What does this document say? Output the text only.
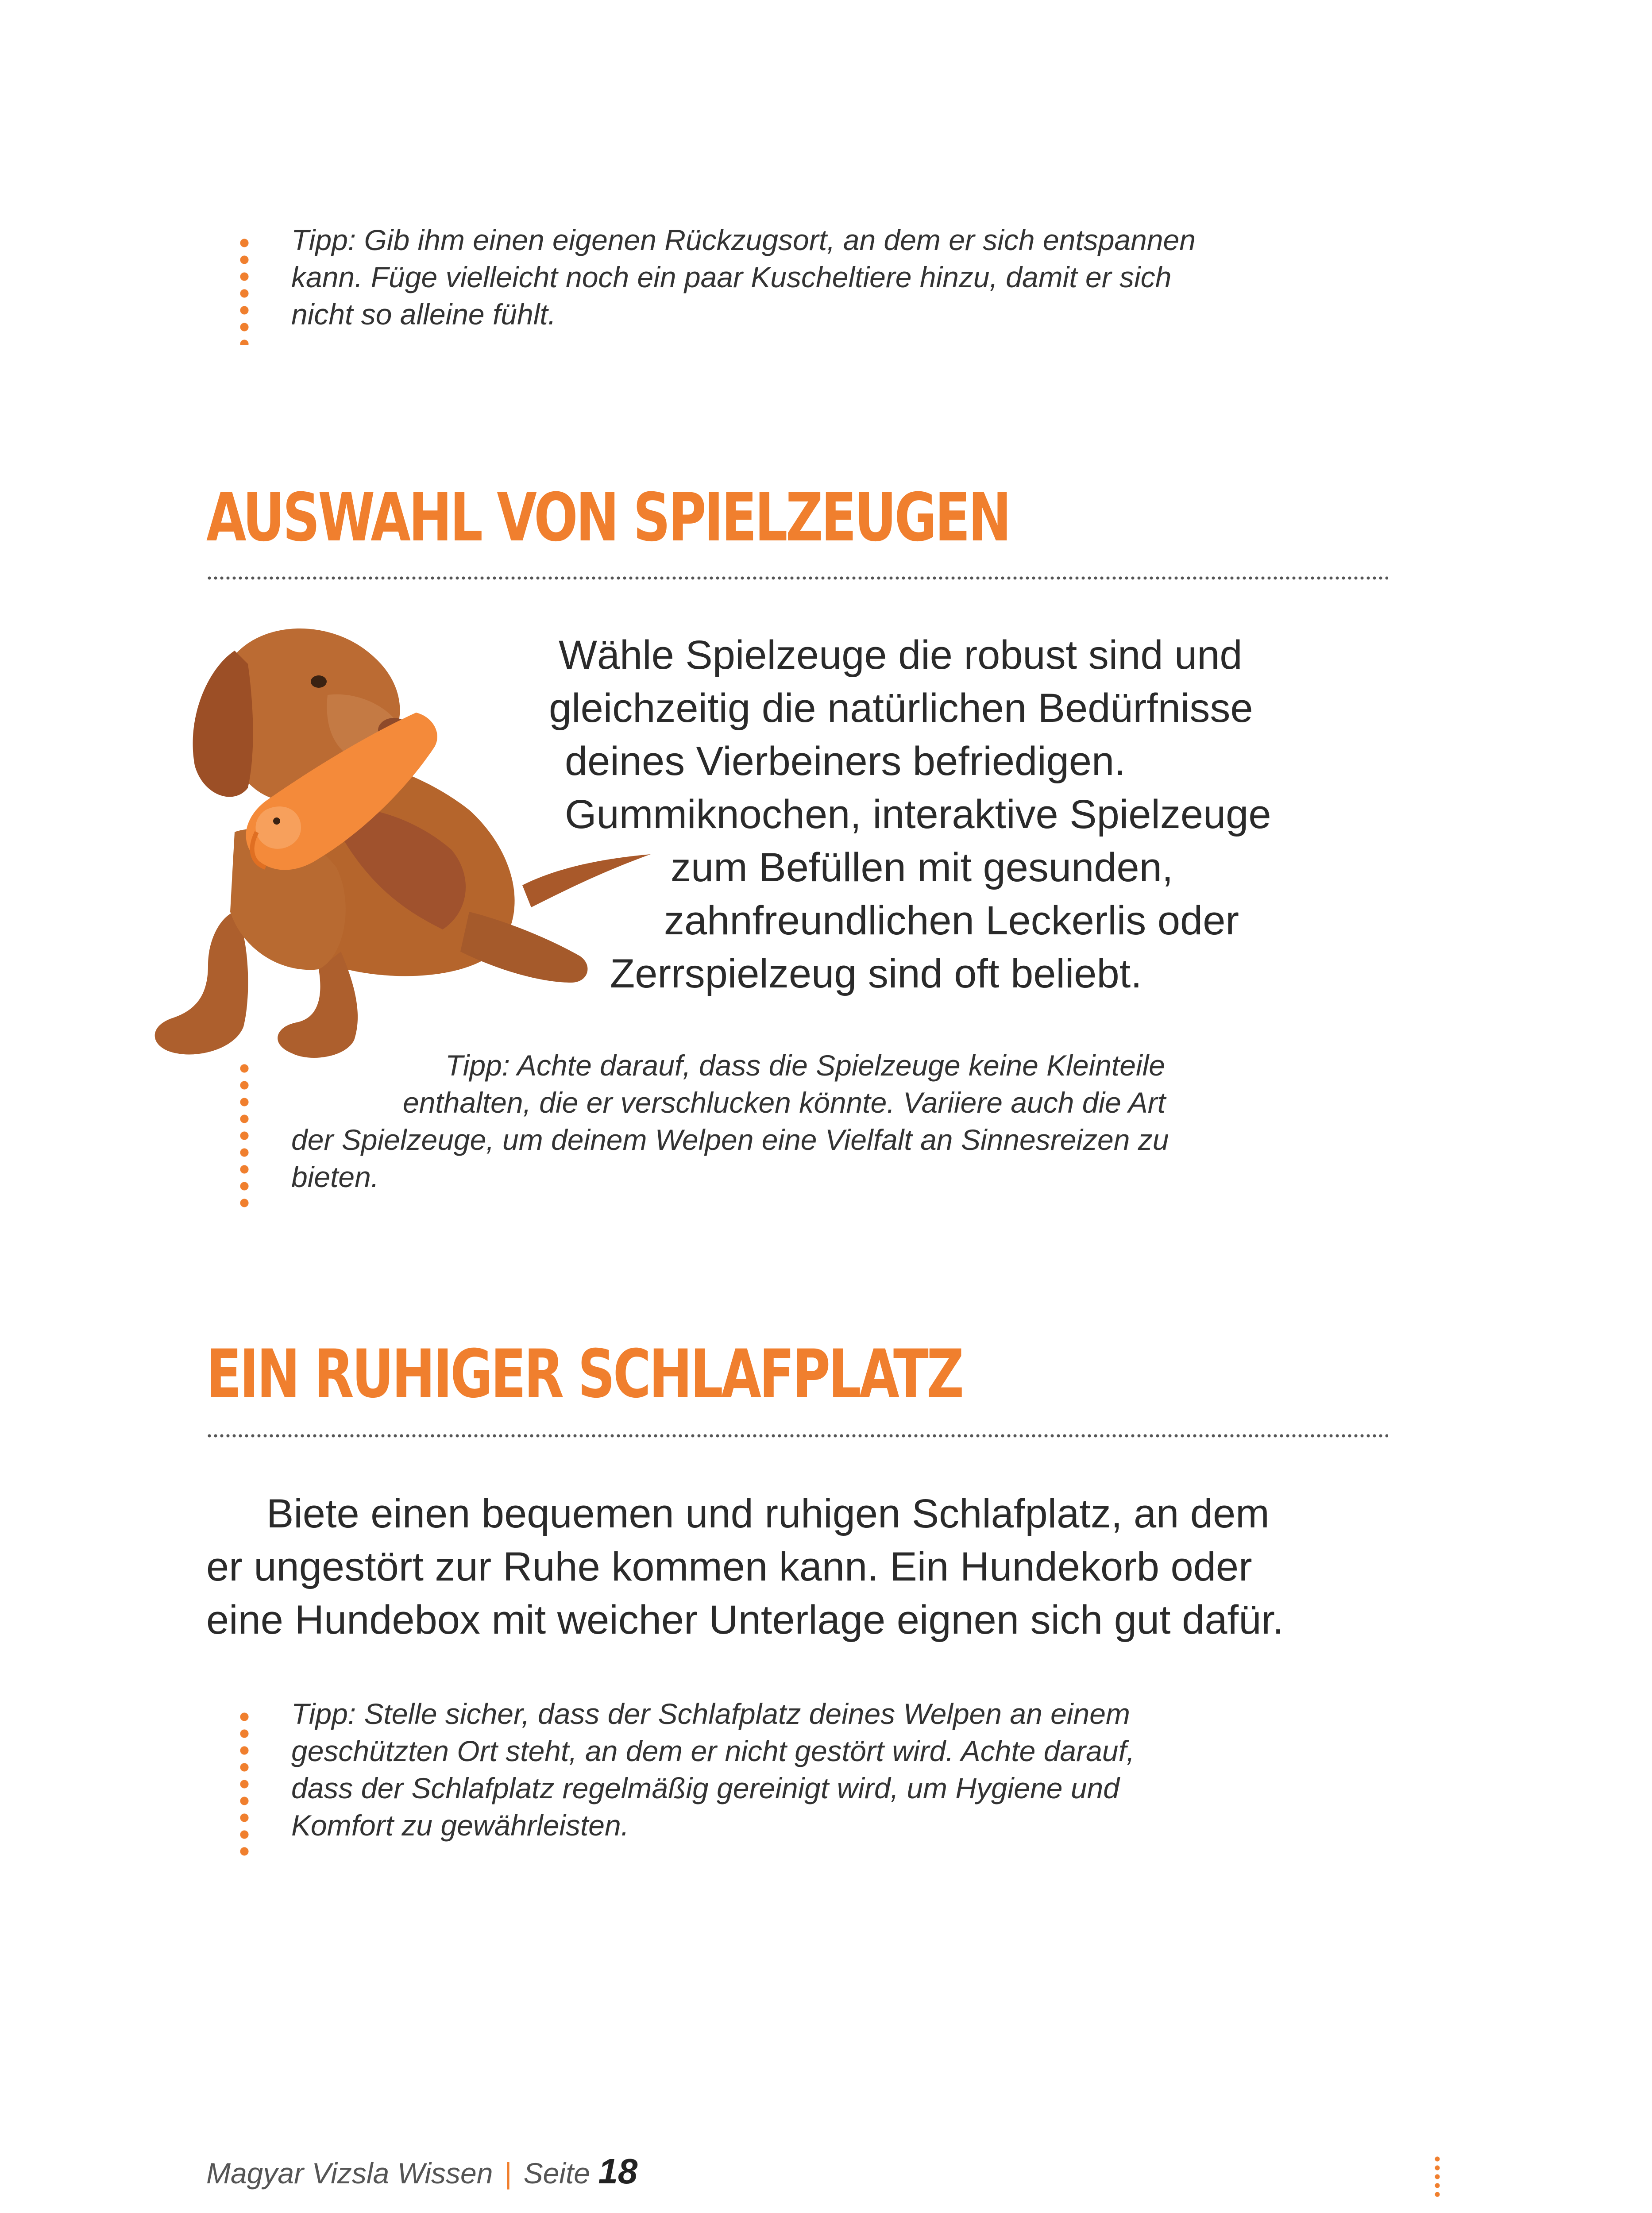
Tipp: Gib ihm einen eigenen Rückzugsort, an dem er sich entspannen
kann. Füge vielleicht noch ein paar Kuscheltiere hinzu, damit er sich
nicht so alleine fühlt.

AUSWAHL VON SPIELZEUGEN

Wähle Spielzeuge die robust sind und
gleichzeitig die natürlichen Bedürfnisse
deines Vierbeiners befriedigen.
Gummiknochen, interaktive Spielzeuge
zum Befüllen mit gesunden,
zahnfreundlichen Leckerlis oder
Zerrspielzeug sind oft beliebt.

Tipp: Achte darauf, dass die Spielzeuge keine Kleinteile
enthalten, die er verschlucken könnte. Variiere auch die Art
der Spielzeuge, um deinem Welpen eine Vielfalt an Sinnesreizen zu
bieten.

EIN RUHIGER SCHLAFPLATZ

Biete einen bequemen und ruhigen Schlafplatz, an dem
er ungestört zur Ruhe kommen kann. Ein Hundekorb oder
eine Hundebox mit weicher Unterlage eignen sich gut dafür.

Tipp: Stelle sicher, dass der Schlafplatz deines Welpen an einem
geschützten Ort steht, an dem er nicht gestört wird. Achte darauf,
dass der Schlafplatz regelmäßig gereinigt wird, um Hygiene und
Komfort zu gewährleisten.

Magyar Vizsla Wissen | Seite 18
